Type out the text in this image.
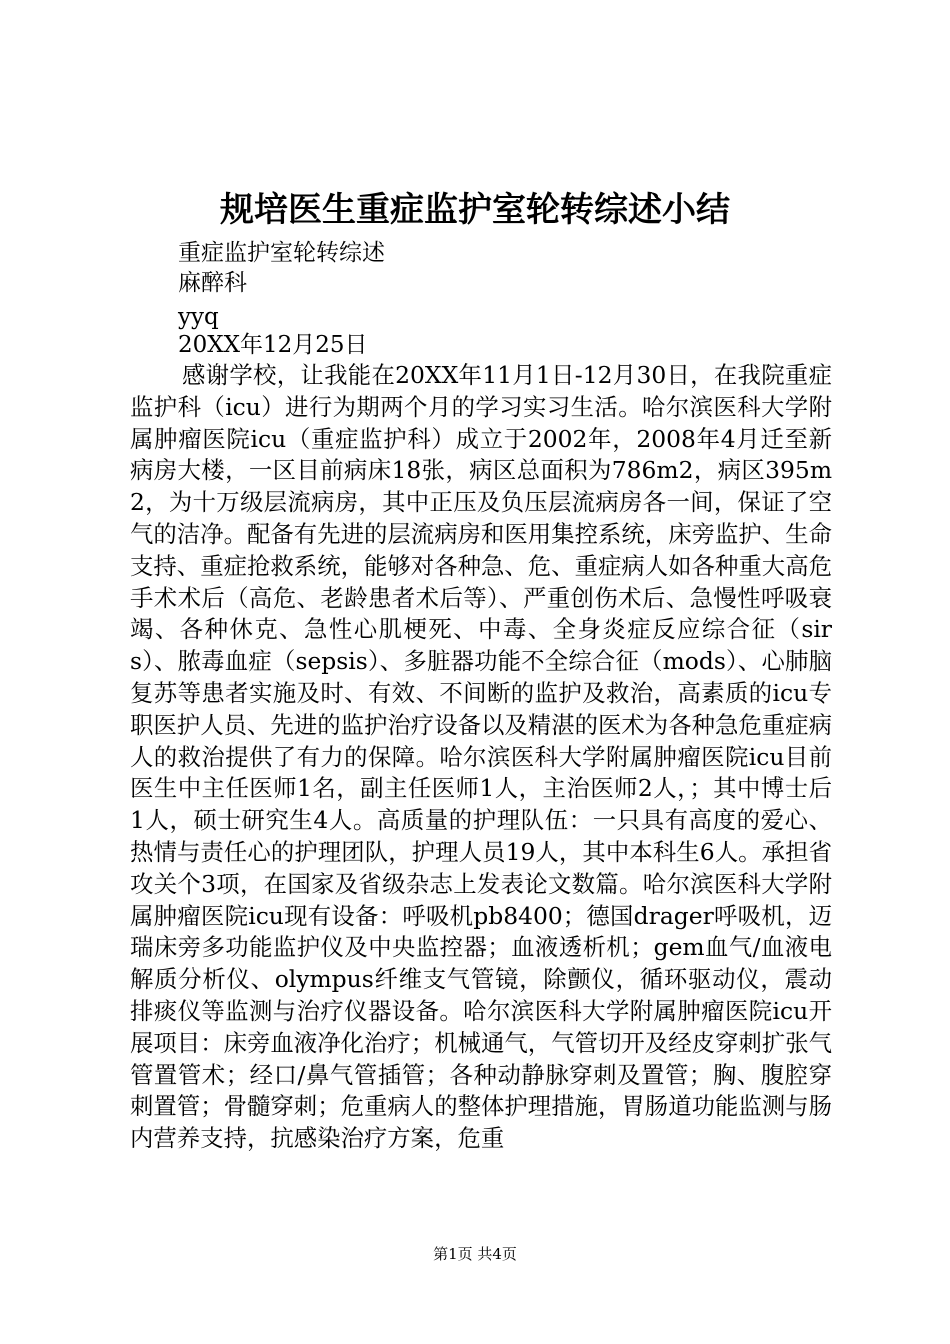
规培医生重症监护室轮转综述小结

重症监护室轮转综述

麻醉科

yyq

20XX年12月25日

感谢学校，让我能在20XX年11月1日-12月30日，在我院重症监护科（icu）进行为期两个月的学习实习生活。哈尔滨医科大学附属肿瘤医院icu（重症监护科）成立于2002年，2008年4月迁至新病房大楼，一区目前病床18张，病区总面积为786m2，病区395m2，为十万级层流病房，其中正压及负压层流病房各一间，保证了空气的洁净。配备有先进的层流病房和医用集控系统，床旁监护、生命支持、重症抢救系统，能够对各种急、危、重症病人如各种重大高危手术术后（高危、老龄患者术后等）、严重创伤术后、急慢性呼吸衰竭、各种休克、急性心肌梗死、中毒、全身炎症反应综合征（sirs）、脓毒血症（sepsis）、多脏器功能不全综合征（mods）、心肺脑复苏等患者实施及时、有效、不间断的监护及救治，高素质的icu专职医护人员、先进的监护治疗设备以及精湛的医术为各种急危重症病人的救治提供了有力的保障。哈尔滨医科大学附属肿瘤医院icu目前医生中主任医师1名，副主任医师1人，主治医师2人，；其中博士后1人，硕士研究生4人。高质量的护理队伍：一只具有高度的爱心、热情与责任心的护理团队，护理人员19人，其中本科生6人。承担省攻关个3项，在国家及省级杂志上发表论文数篇。哈尔滨医科大学附属肿瘤医院icu现有设备：呼吸机pb8400；德国drager呼吸机，迈瑞床旁多功能监护仪及中央监控器；血液透析机；gem血气/血液电解质分析仪、olympus纤维支气管镜，除颤仪，循环驱动仪，震动排痰仪等监测与治疗仪器设备。哈尔滨医科大学附属肿瘤医院icu开展项目：床旁血液净化治疗；机械通气，气管切开及经皮穿刺扩张气管置管术；经口/鼻气管插管；各种动静脉穿刺及置管；胸、腹腔穿刺置管；骨髓穿刺；危重病人的整体护理措施，胃肠道功能监测与肠内营养支持，抗感染治疗方案，危重

第1页 共4页
